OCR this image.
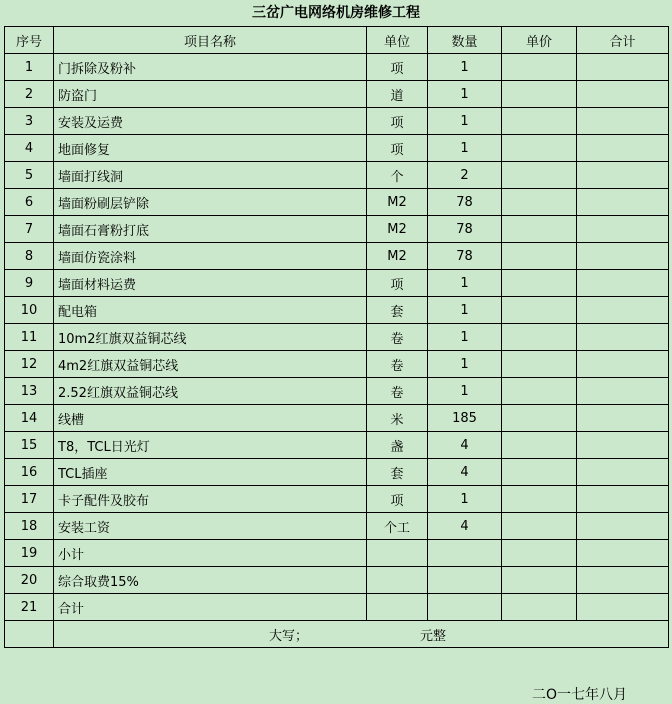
三岔广电网络机房维修工程
序号	项目名称	单位	数量	单价	合计
1	门拆除及粉补	项	1		
2	防盗门	道	1		
3	安装及运费	项	1		
4	地面修复	项	1		
5	墙面打线洞	个	2		
6	墙面粉刷层铲除	M2	78		
7	墙面石膏粉打底	M2	78		
8	墙面仿瓷涂料	M2	78		
9	墙面材料运费	项	1		
10	配电箱	套	1		
11	10m2红旗双益铜芯线	卷	1		
12	4m2红旗双益铜芯线	卷	1		
13	2.52红旗双益铜芯线	卷	1		
14	线槽	米	185		
15	T8，TCL日光灯	盏	4		
16	TCL插座	套	4		
17	卡子配件及胶布	项	1		
18	安装工资	个工	4		
19	小计				
20	综合取费15%				
21	合计				

	大写； 元整				
二O一七年八月
